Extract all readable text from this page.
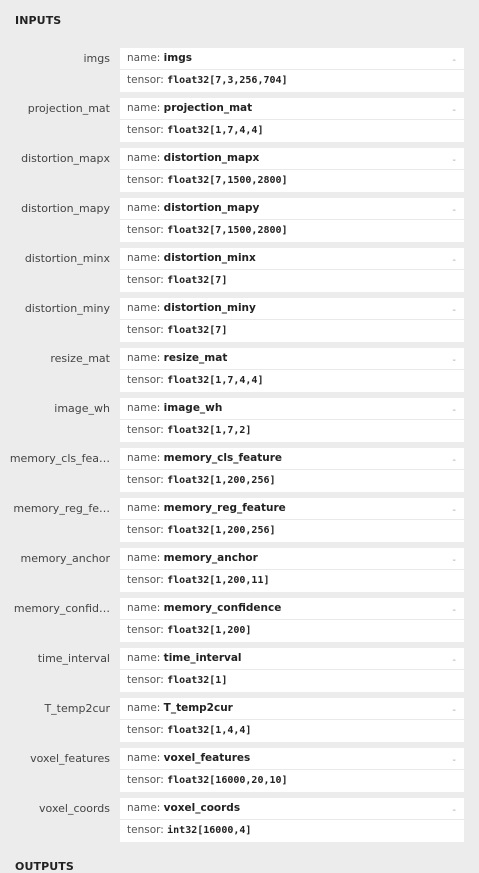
INPUTS
imgs	name: imgs	-
tensor: float32[7,3,256,704]
projection_mat	name: projection_mat	-
tensor: float32[1,7,4,4]
distortion_mapx	name: distortion_mapx	-
tensor: float32[7,1500,2800]
distortion_mapy	name: distortion_mapy	-
tensor: float32[7,1500,2800]
distortion_minx	name: distortion_minx	-
tensor: float32[7]
distortion_miny	name: distortion_miny	-
tensor: float32[7]
resize_mat	name: resize_mat	-
tensor: float32[1,7,4,4]
image_wh	name: image_wh	-
tensor: float32[1,7,2]
memory_cls_fea…	name: memory_cls_feature	-
tensor: float32[1,200,256]
memory_reg_fe…	name: memory_reg_feature	-
tensor: float32[1,200,256]
memory_anchor	name: memory_anchor	-
tensor: float32[1,200,11]
memory_confid…	name: memory_confidence	-
tensor: float32[1,200]
time_interval	name: time_interval	-
tensor: float32[1]
T_temp2cur	name: T_temp2cur	-
tensor: float32[1,4,4]
voxel_features	name: voxel_features	-
tensor: float32[16000,20,10]
voxel_coords	name: voxel_coords	-
tensor: int32[16000,4]
OUTPUTS
